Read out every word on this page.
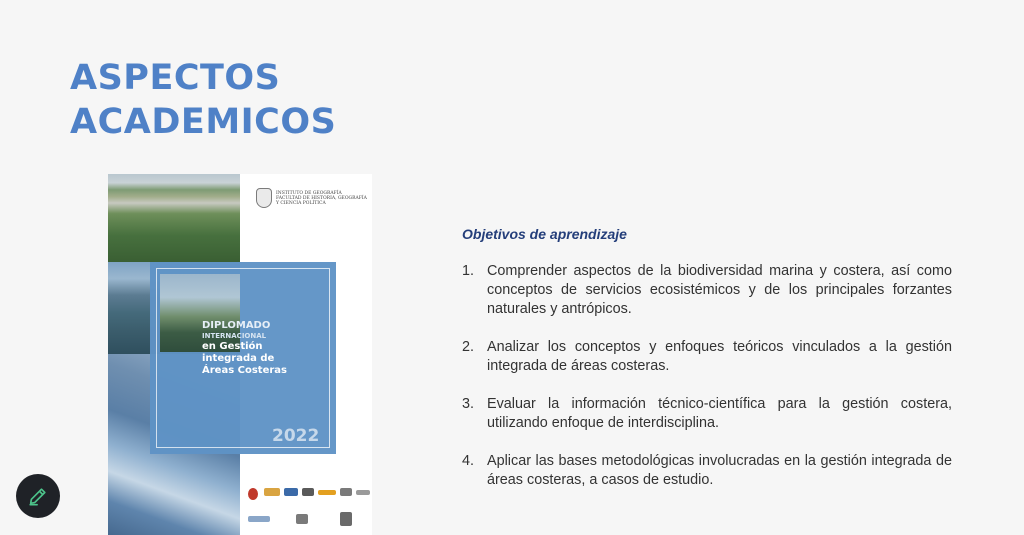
ASPECTOS
ACADEMICOS
INSTITUTO DE GEOGRAFÍA
FACULTAD DE HISTORIA, GEOGRAFÍA
Y CIENCIA POLÍTICA
DIPLOMADO
INTERNACIONAL
en Gestión
integrada de
Áreas Costeras
2022
Objetivos de aprendizaje
1. Comprender aspectos de la biodiversidad marina y costera, así como conceptos de servicios ecosistémicos y de los principales forzantes naturales y antrópicos.
2. Analizar los conceptos y enfoques teóricos vinculados a la gestión integrada de áreas costeras.
3. Evaluar la información técnico-científica para la gestión costera, utilizando enfoque de interdisciplina.
4. Aplicar las bases metodológicas involucradas en la gestión integrada de áreas costeras, a casos de estudio.
